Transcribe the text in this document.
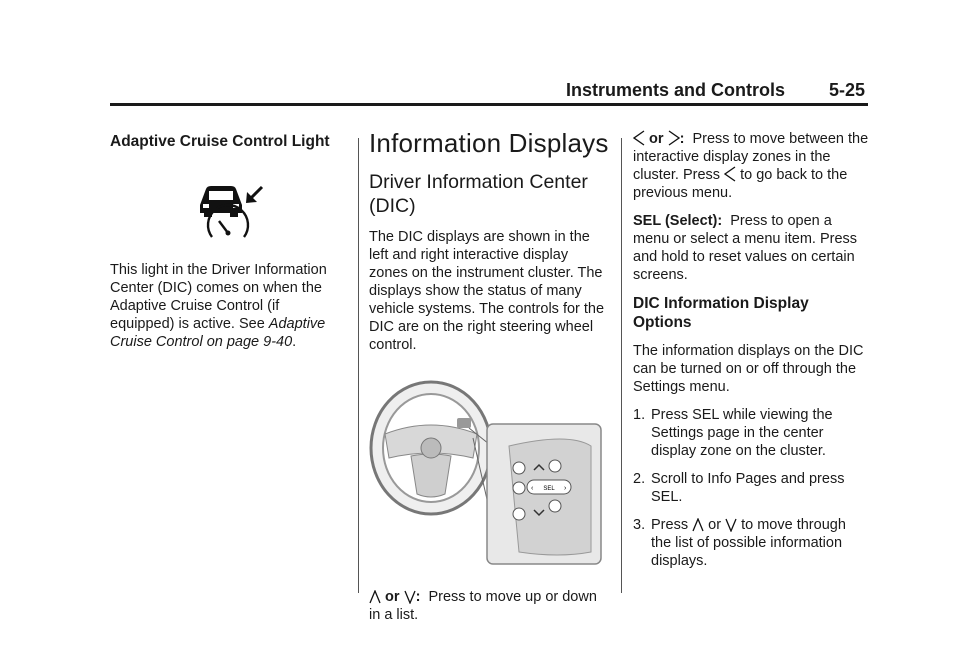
Instruments and Controls	5-25
Adaptive Cruise Control Light

This light in the Driver Information Center (DIC) comes on when the Adaptive Cruise Control (if equipped) is active. See Adaptive Cruise Control on page 9-40.

Information Displays
Driver Information Center (DIC)

The DIC displays are shown in the left and right interactive display zones on the instrument cluster. The displays show the status of many vehicle systems. The controls for the DIC are on the right steering wheel control.

SEL
‹	›

or : Press to move up or down in a list.

or : Press to move between the interactive display zones in the cluster. Press to go back to the previous menu.

SEL (Select): Press to open a menu or select a menu item. Press and hold to reset values on certain screens.

DIC Information Display Options

The information displays on the DIC can be turned on or off through the Settings menu.

1. Press SEL while viewing the Settings page in the center display zone on the cluster.
2. Scroll to Info Pages and press SEL.
3. Press or to move through the list of possible information displays.
